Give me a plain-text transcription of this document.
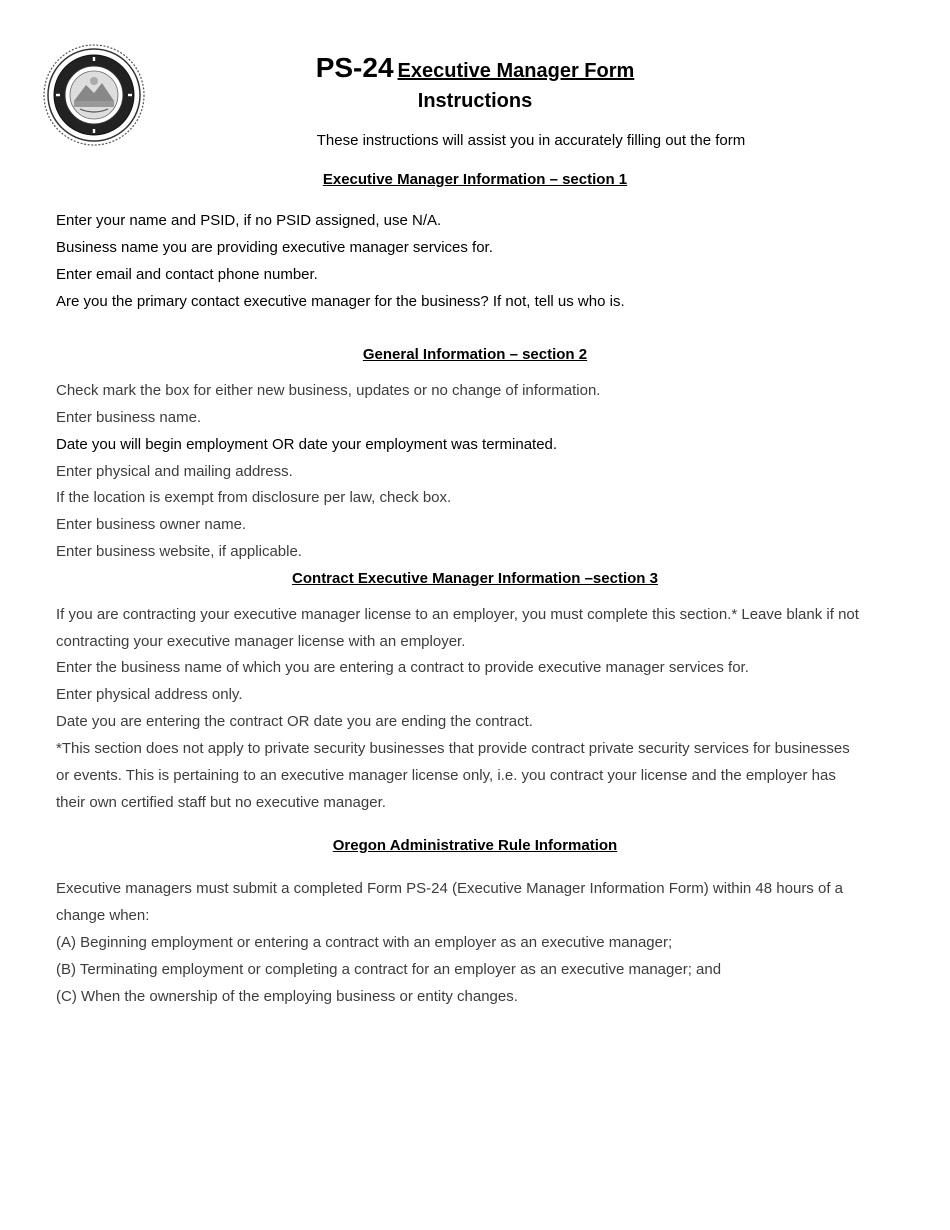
PS-24 Executive Manager Form
Instructions
These instructions will assist you in accurately filling out the form
Executive Manager Information – section 1
Enter your name and PSID, if no PSID assigned, use N/A.
Business name you are providing executive manager services for.
Enter email and contact phone number.
Are you the primary contact executive manager for the business? If not, tell us who is.
General Information – section 2
Check mark the box for either new business, updates or no change of information.
Enter business name.
Date you will begin employment OR date your employment was terminated.
Enter physical and mailing address.
If the location is exempt from disclosure per law, check box.
Enter business owner name.
Enter business website, if applicable.
Contract Executive Manager Information –section 3
If you are contracting your executive manager license to an employer, you must complete this section.* Leave blank if not
contracting your executive manager license with an employer.
Enter the business name of which you are entering a contract to provide executive manager services for.
Enter physical address only.
Date you are entering the contract OR date you are ending the contract.
*This section does not apply to private security businesses that provide contract private security services for businesses
or events. This is pertaining to an executive manager license only, i.e. you contract your license and the employer has
their own certified staff but no executive manager.
Oregon Administrative Rule Information
Executive managers must submit a completed Form PS-24 (Executive Manager Information Form) within 48 hours of a
change when:
(A) Beginning employment or entering a contract with an employer as an executive manager;
(B) Terminating employment or completing a contract for an employer as an executive manager; and
(C) When the ownership of the employing business or entity changes.
